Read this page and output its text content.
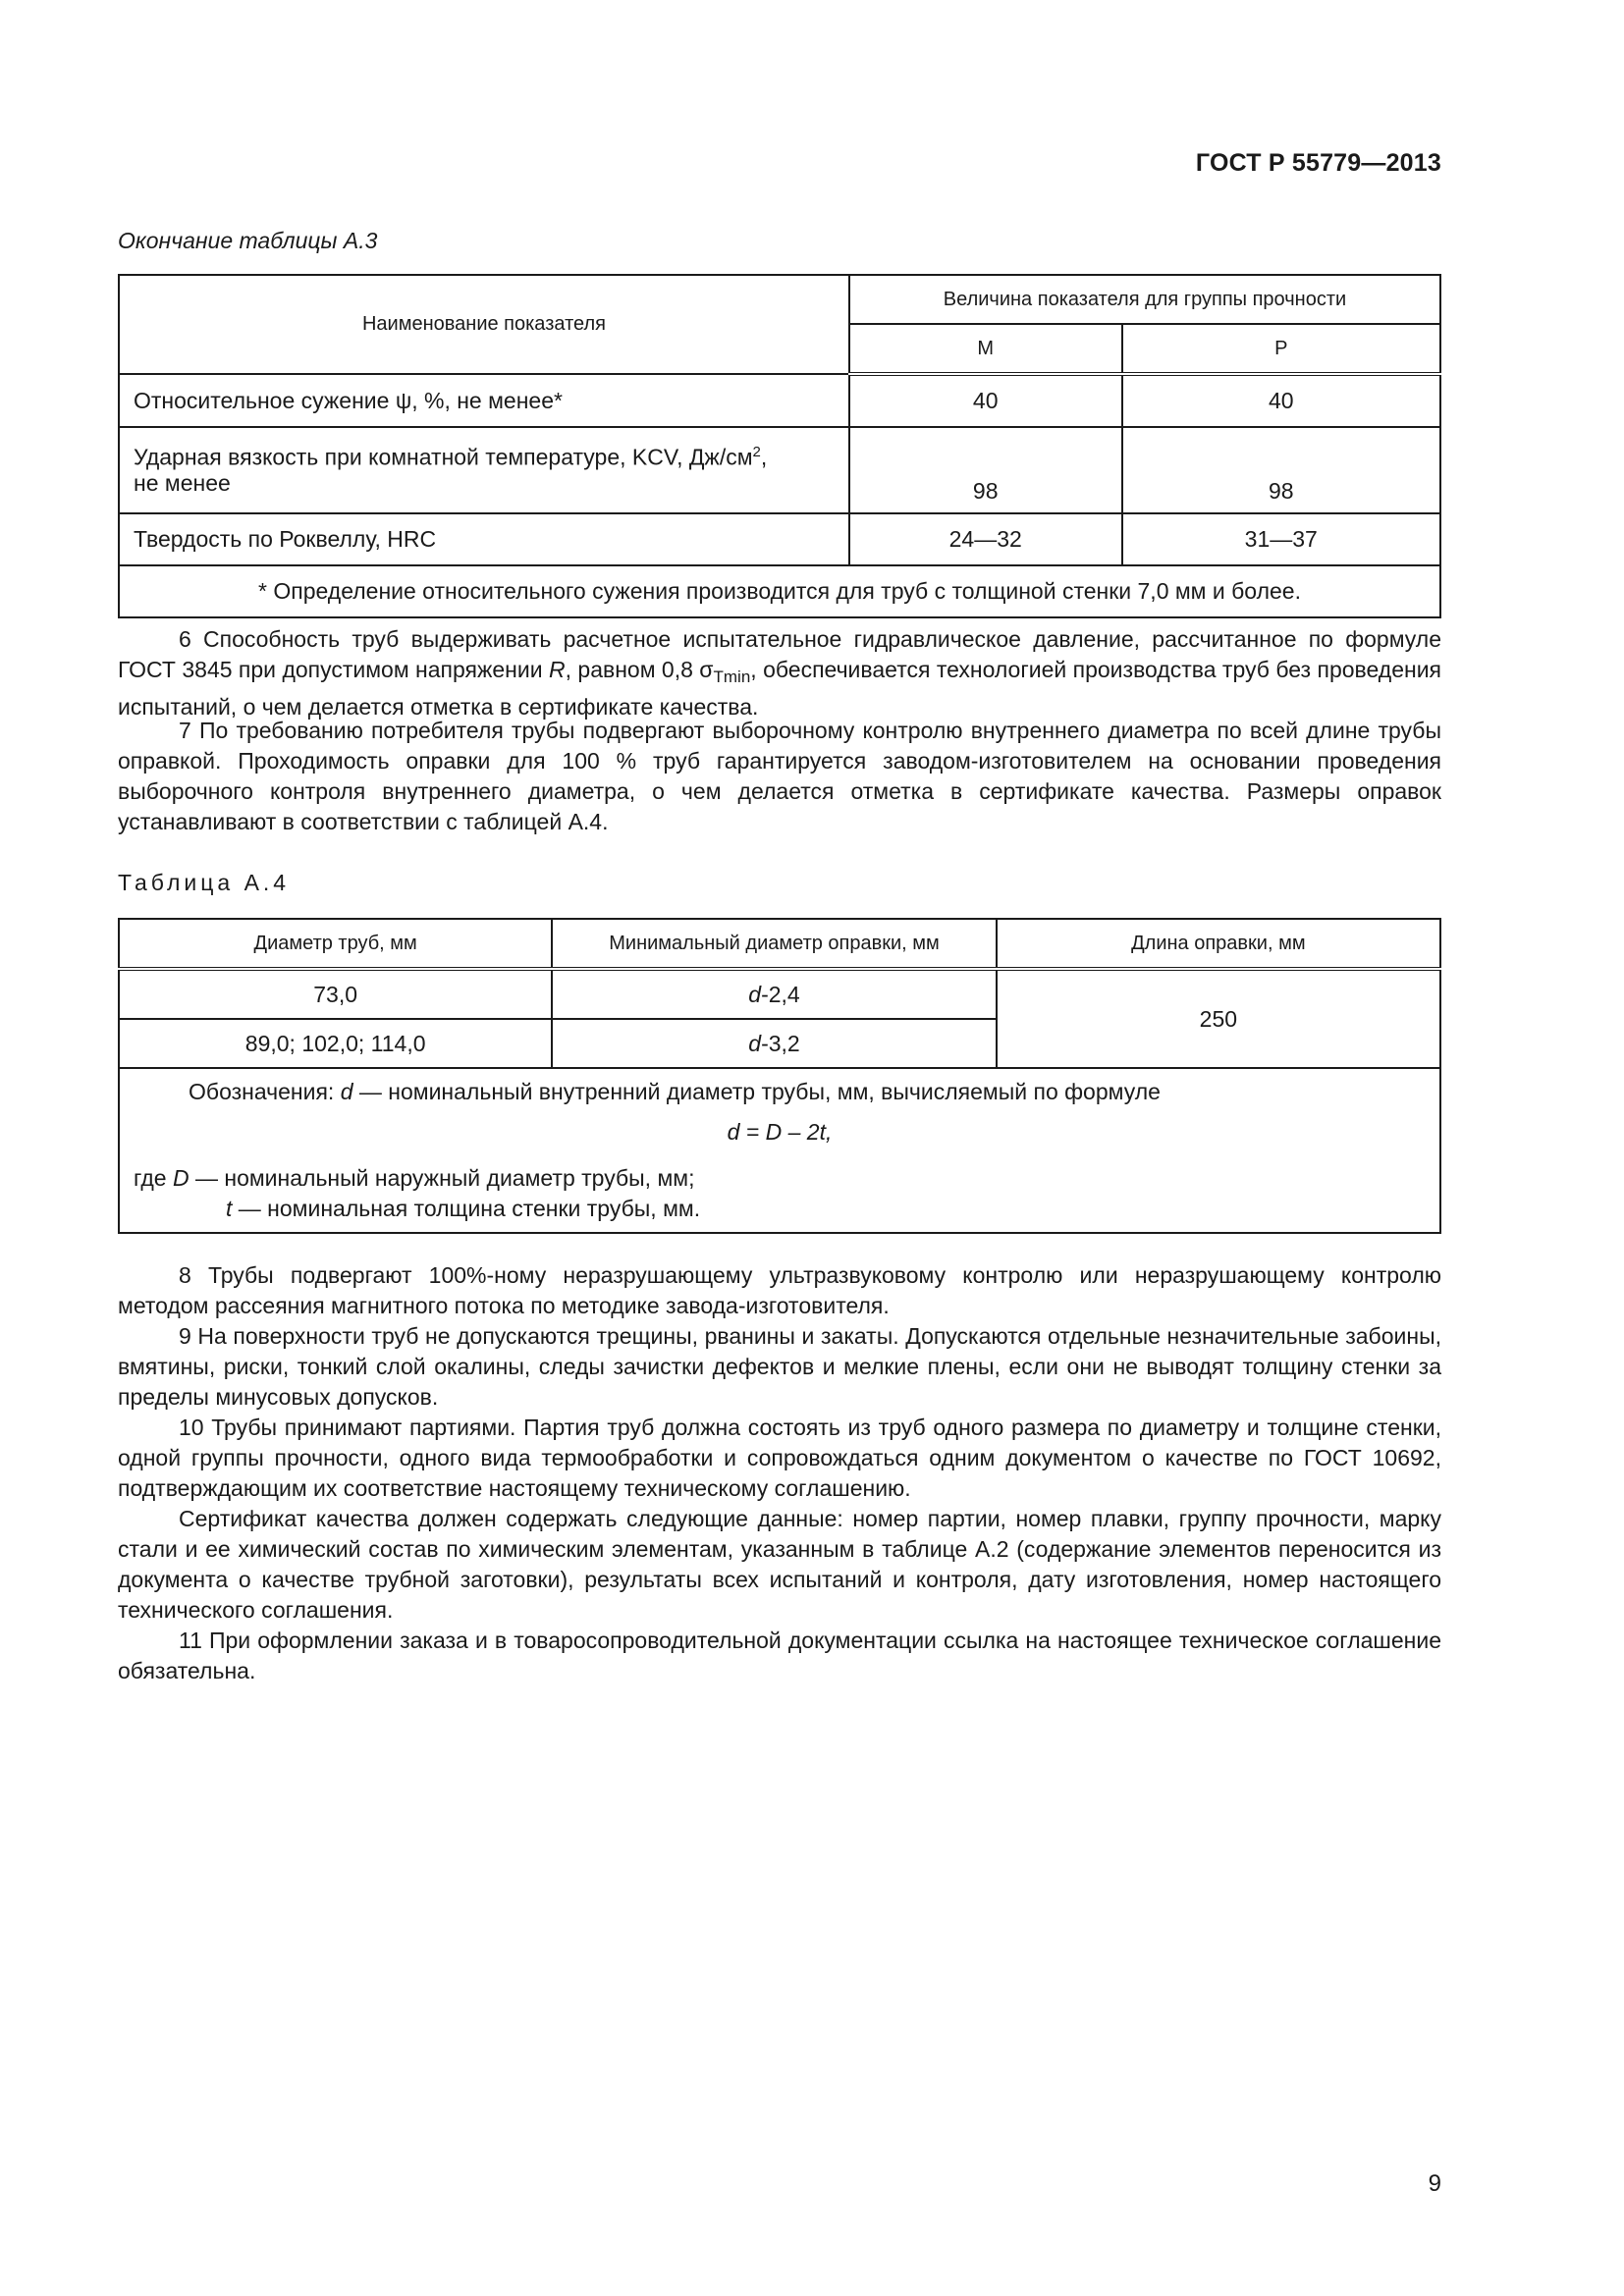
ГОСТ Р 55779—2013
Окончание таблицы А.3
Наименование показателя	Величина показателя для группы прочности	
	М	Р
Относительное сужение ψ, %, не менее*	40	40
Ударная вязкость при комнатной температуре, KCV, $Дж/см^2$,
не менее	98	98
Твердость по Роквеллу, HRC	24—32	31—37
* Определение относительного сужения производится для труб с толщиной стенки 7,0 мм и более.		
6 Способность труб выдерживать расчетное испытательное гидравлическое давление, рассчитанное по формуле ГОСТ 3845 при допустимом напряжении R, равном 0,8 $\sigma_{Tmin}$, обеспечивается технологией производства труб без проведения испытаний, о чем делается отметка в сертификате качества.
7 По требованию потребителя трубы подвергают выборочному контролю внутреннего диаметра по всей длине трубы оправкой. Проходимость оправки для 100 % труб гарантируется заводом-изготовителем на основании проведения выборочного контроля внутреннего диаметра, о чем делается отметка в сертификате качества. Размеры оправок устанавливают в соответствии с таблицей А.4.
Таблица А.4
Диаметр труб, мм	Минимальный диаметр оправки, мм	Длина оправки, мм
73,0	d-2,4	250
89,0; 102,0; 114,0	d-3,2	

Обозначения: d — номинальный внутренний диаметр трубы, мм, вычисляемый по формуле
d = D – 2t,
где D — номинальный наружный диаметр трубы, мм;
t — номинальная толщина стенки трубы, мм.		
8 Трубы подвергают 100%-ному неразрушающему ультразвуковому контролю или неразрушающему контролю методом рассеяния магнитного потока по методике завода-изготовителя.
9 На поверхности труб не допускаются трещины, рванины и закаты. Допускаются отдельные незначительные забоины, вмятины, риски, тонкий слой окалины, следы зачистки дефектов и мелкие плены, если они не выводят толщину стенки за пределы минусовых допусков.
10 Трубы принимают партиями. Партия труб должна состоять из труб одного размера по диаметру и толщине стенки, одной группы прочности, одного вида термообработки и сопровождаться одним документом о качестве по ГОСТ 10692, подтверждающим их соответствие настоящему техническому соглашению.
Сертификат качества должен содержать следующие данные: номер партии, номер плавки, группу прочности, марку стали и ее химический состав по химическим элементам, указанным в таблице А.2 (содержание элементов переносится из документа о качестве трубной заготовки), результаты всех испытаний и контроля, дату изготовления, номер настоящего технического соглашения.
11 При оформлении заказа и в товаросопроводительной документации ссылка на настоящее техническое соглашение обязательна.
9
